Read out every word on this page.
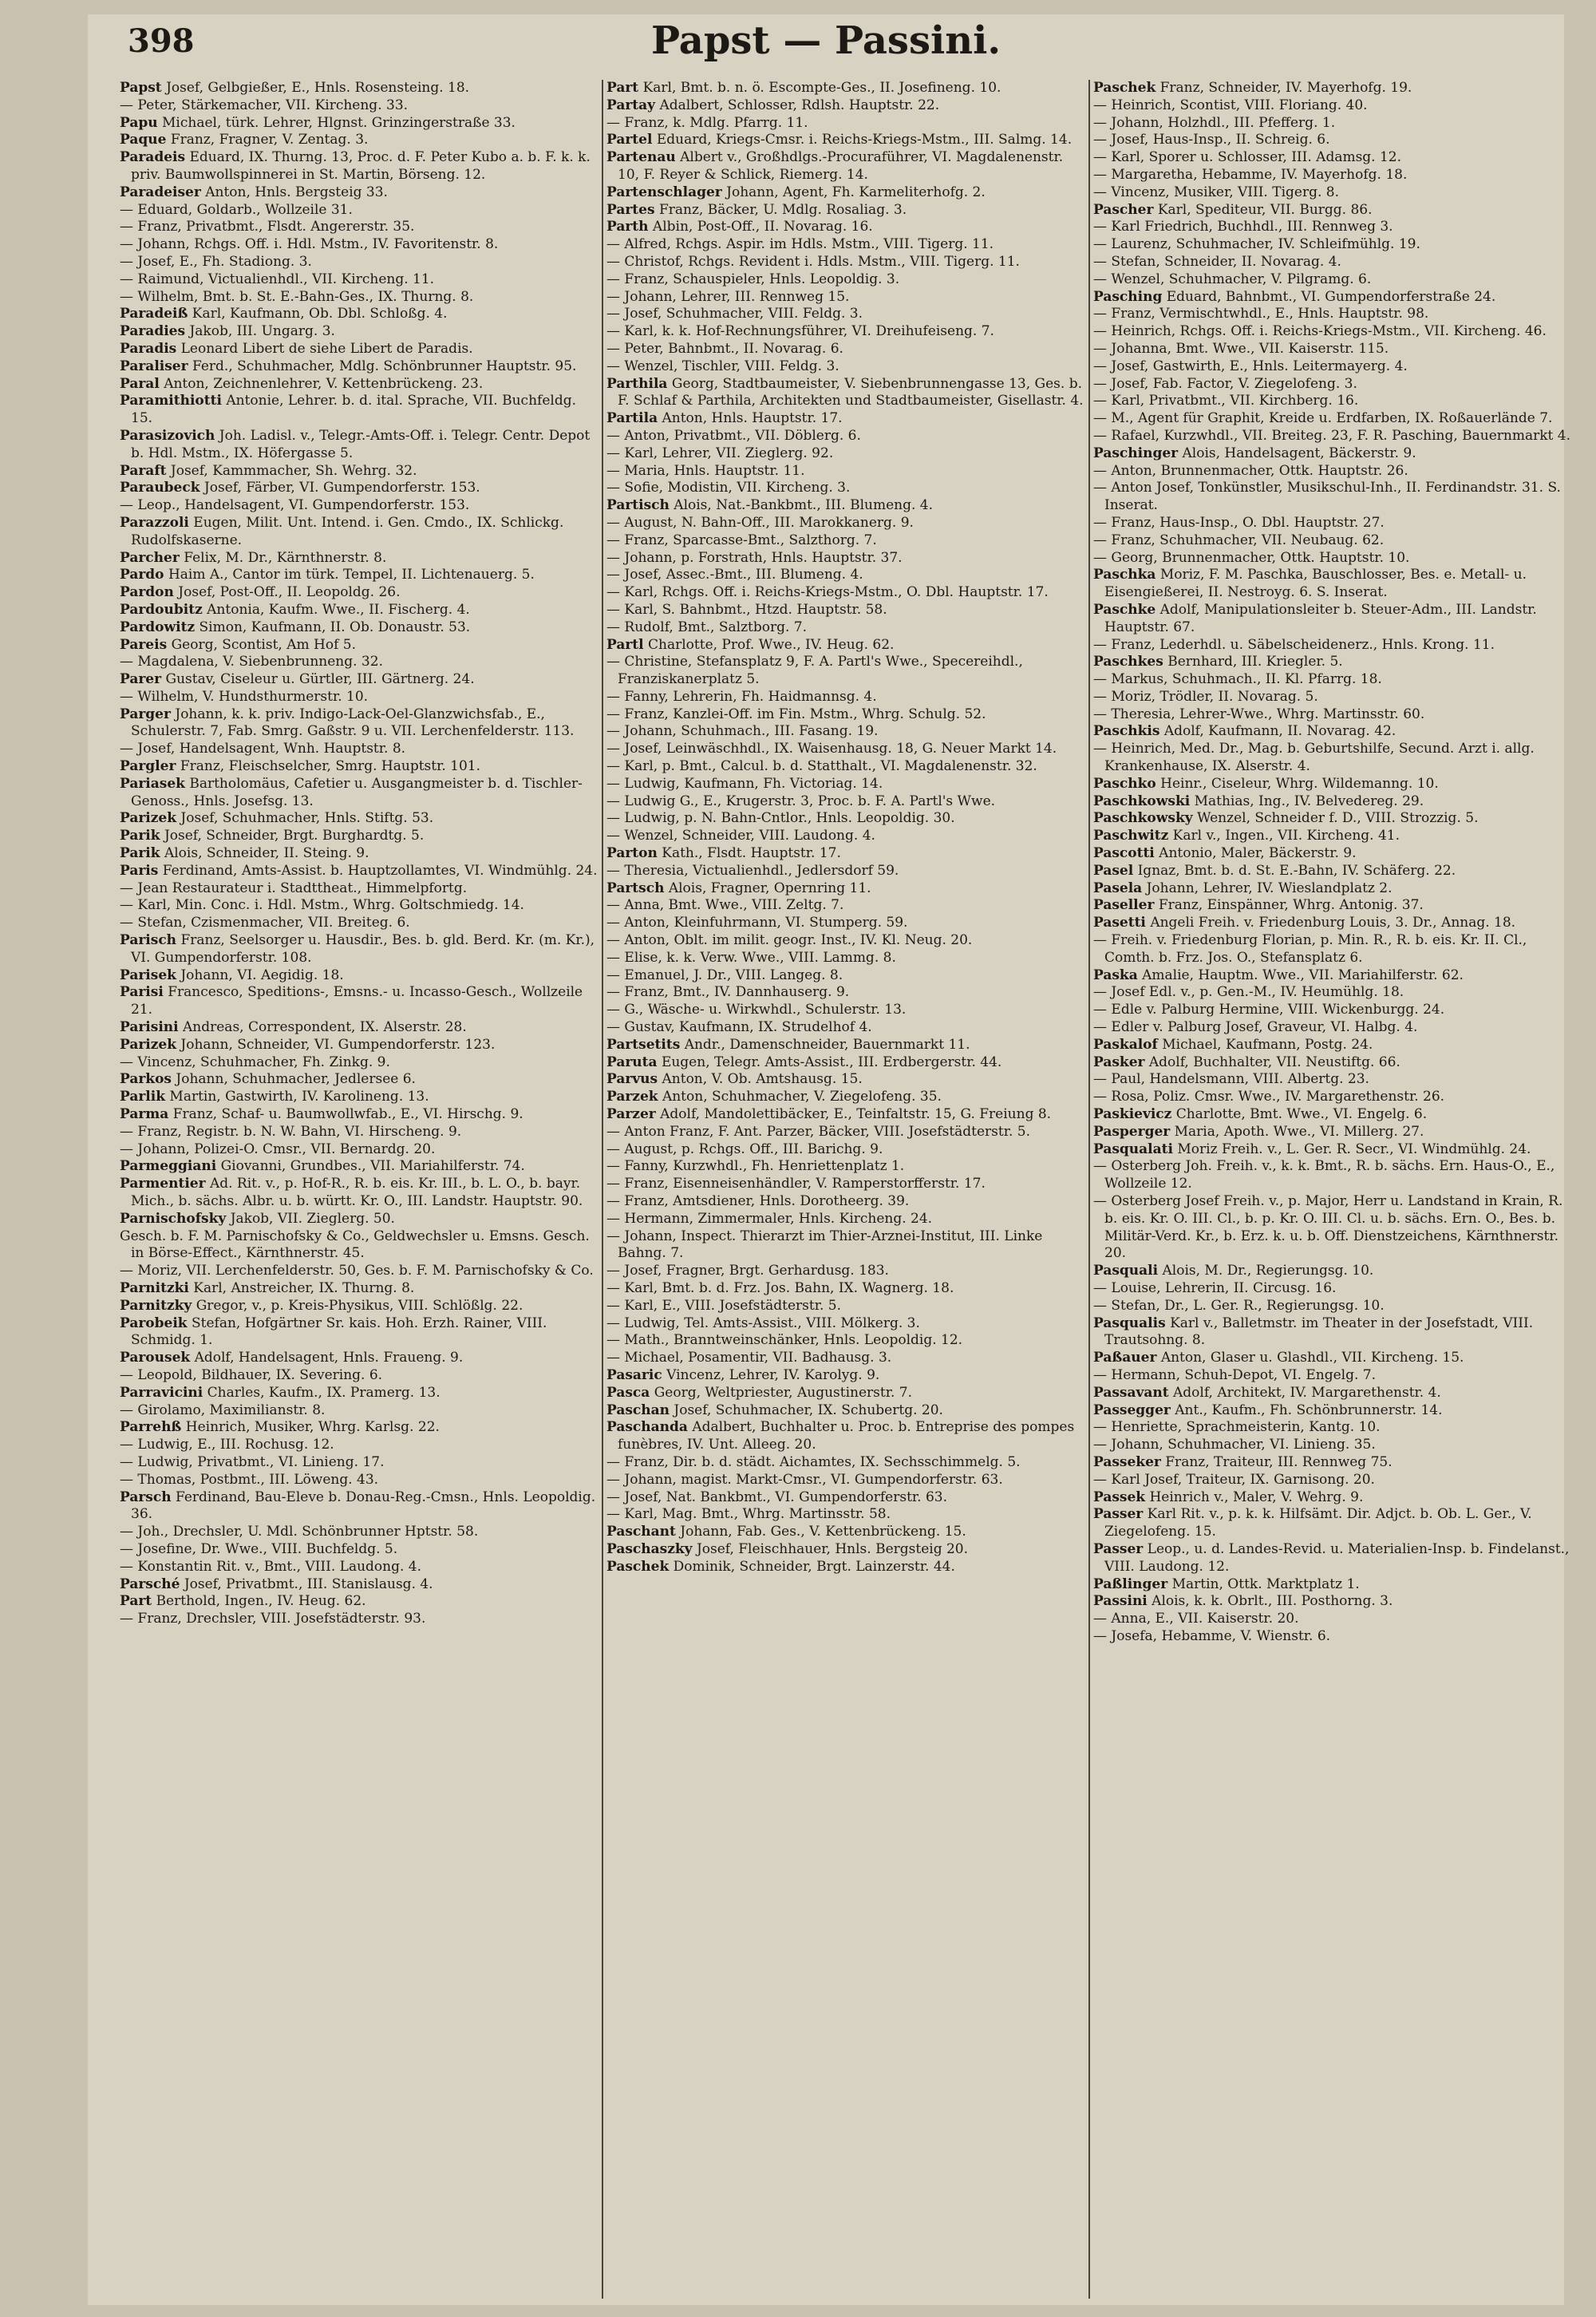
398	Papst — Passini.

Papst Josef, Gelbgießer, E., Hnls. Rosensteing. 18.

— Peter, Stärkemacher, VII. Kircheng. 33.

Papu Michael, türk. Lehrer, Hlgnst. Grinzingerstraße 33.

Paque Franz, Fragner, V. Zentag. 3.

Paradeis Eduard, IX. Thurng. 13, Proc. d. F. Peter Kubo a. b. F. k. k. priv. Baumwollspinnerei in St. Martin, Börseng. 12.

Paradeiser Anton, Hnls. Bergsteig 33.

— Eduard, Goldarb., Wollzeile 31.

— Franz, Privatbmt., Flsdt. Angererstr. 35.

— Johann, Rchgs. Off. i. Hdl. Mstm., IV. Favoritenstr. 8.

— Josef, E., Fh. Stadiong. 3.

— Raimund, Victualienhdl., VII. Kircheng. 11.

— Wilhelm, Bmt. b. St. E.-Bahn-Ges., IX. Thurng. 8.

Paradeiß Karl, Kaufmann, Ob. Dbl. Schloßg. 4.

Paradies Jakob, III. Ungarg. 3.

Paradis Leonard Libert de siehe Libert de Paradis.

Paraliser Ferd., Schuhmacher, Mdlg. Schönbrunner Hauptstr. 95.

Paral Anton, Zeichnenlehrer, V. Kettenbrückeng. 23.

Paramithiotti Antonie, Lehrer. b. d. ital. Sprache, VII. Buchfeldg. 15.

Parasizovich Joh. Ladisl. v., Telegr.-Amts-Off. i. Telegr. Centr. Depot b. Hdl. Mstm., IX. Höfergasse 5.

Paraft Josef, Kammmacher, Sh. Wehrg. 32.

Paraubeck Josef, Färber, VI. Gumpendorferstr. 153.

— Leop., Handelsagent, VI. Gumpendorferstr. 153.

Parazzoli Eugen, Milit. Unt. Intend. i. Gen. Cmdo., IX. Schlickg. Rudolfskaserne.

Parcher Felix, M. Dr., Kärnthnerstr. 8.

Pardo Haim A., Cantor im türk. Tempel, II. Lichtenauerg. 5.

Pardon Josef, Post-Off., II. Leopoldg. 26.

Pardoubitz Antonia, Kaufm. Wwe., II. Fischerg. 4.

Pardowitz Simon, Kaufmann, II. Ob. Donaustr. 53.

Pareis Georg, Scontist, Am Hof 5.

— Magdalena, V. Siebenbrunneng. 32.

Parer Gustav, Ciseleur u. Gürtler, III. Gärtnerg. 24.

— Wilhelm, V. Hundsthurmerstr. 10.

Parger Johann, k. k. priv. Indigo-Lack-Oel-Glanzwichsfab., E., Schulerstr. 7, Fab. Smrg. Gaßstr. 9 u. VII. Lerchenfelderstr. 113.

— Josef, Handelsagent, Wnh. Hauptstr. 8.

Pargler Franz, Fleischselcher, Smrg. Hauptstr. 101.

Pariasek Bartholomäus, Cafetier u. Ausgangmeister b. d. Tischler-Genoss., Hnls. Josefsg. 13.

Parizek Josef, Schuhmacher, Hnls. Stiftg. 53.

Parik Josef, Schneider, Brgt. Burghardtg. 5.

Parik Alois, Schneider, II. Steing. 9.

Paris Ferdinand, Amts-Assist. b. Hauptzollamtes, VI. Windmühlg. 24.

— Jean Restaurateur i. Stadttheat., Himmelpfortg.

— Karl, Min. Conc. i. Hdl. Mstm., Whrg. Goltschmiedg. 14.

— Stefan, Czismenmacher, VII. Breiteg. 6.

Parisch Franz, Seelsorger u. Hausdir., Bes. b. gld. Berd. Kr. (m. Kr.), VI. Gumpendorferstr. 108.

Parisek Johann, VI. Aegidig. 18.

Parisi Francesco, Speditions-, Emsns.- u. Incasso-Gesch., Wollzeile 21.

Parisini Andreas, Correspondent, IX. Alserstr. 28.

Parizek Johann, Schneider, VI. Gumpendorferstr. 123.

— Vincenz, Schuhmacher, Fh. Zinkg. 9.

Parkos Johann, Schuhmacher, Jedlersee 6.

Parlik Martin, Gastwirth, IV. Karolineng. 13.

Parma Franz, Schaf- u. Baumwollwfab., E., VI. Hirschg. 9.

— Franz, Registr. b. N. W. Bahn, VI. Hirscheng. 9.

— Johann, Polizei-O. Cmsr., VII. Bernardg. 20.

Parmeggiani Giovanni, Grundbes., VII. Mariahilferstr. 74.

Parmentier Ad. Rit. v., p. Hof-R., R. b. eis. Kr. III., b. L. O., b. bayr. Mich., b. sächs. Albr. u. b. württ. Kr. O., III. Landstr. Hauptstr. 90.

Parnischofsky Jakob, VII. Zieglerg. 50.

Gesch. b. F. M. Parnischofsky & Co., Geldwechsler u. Emsns. Gesch. in Börse-Effect., Kärnthnerstr. 45.

— Moriz, VII. Lerchenfelderstr. 50, Ges. b. F. M. Parnischofsky & Co.

Parnitzki Karl, Anstreicher, IX. Thurng. 8.

Parnitzky Gregor, v., p. Kreis-Physikus, VIII. Schlößlg. 22.

Parobeik Stefan, Hofgärtner Sr. kais. Hoh. Erzh. Rainer, VIII. Schmidg. 1.

Parousek Adolf, Handelsagent, Hnls. Fraueng. 9.

— Leopold, Bildhauer, IX. Severing. 6.

Parravicini Charles, Kaufm., IX. Pramerg. 13.

— Girolamo, Maximilianstr. 8.

Parrehß Heinrich, Musiker, Whrg. Karlsg. 22.

— Ludwig, E., III. Rochusg. 12.

— Ludwig, Privatbmt., VI. Linieng. 17.

— Thomas, Postbmt., III. Löweng. 43.

Parsch Ferdinand, Bau-Eleve b. Donau-Reg.-Cmsn., Hnls. Leopoldig. 36.

— Joh., Drechsler, U. Mdl. Schönbrunner Hptstr. 58.

— Josefine, Dr. Wwe., VIII. Buchfeldg. 5.

— Konstantin Rit. v., Bmt., VIII. Laudong. 4.

Parsché Josef, Privatbmt., III. Stanislausg. 4.

Part Berthold, Ingen., IV. Heug. 62.

— Franz, Drechsler, VIII. Josefstädterstr. 93.

Part Karl, Bmt. b. n. ö. Escompte-Ges., II. Josefineng. 10.

Partay Adalbert, Schlosser, Rdlsh. Hauptstr. 22.

— Franz, k. Mdlg. Pfarrg. 11.

Partel Eduard, Kriegs-Cmsr. i. Reichs-Kriegs-Mstm., III. Salmg. 14.

Partenau Albert v., Großhdlgs.-Procuraführer, VI. Magdalenenstr. 10, F. Reyer & Schlick, Riemerg. 14.

Partenschlager Johann, Agent, Fh. Karmeliterhofg. 2.

Partes Franz, Bäcker, U. Mdlg. Rosaliag. 3.

Parth Albin, Post-Off., II. Novarag. 16.

— Alfred, Rchgs. Aspir. im Hdls. Mstm., VIII. Tigerg. 11.

— Christof, Rchgs. Revident i. Hdls. Mstm., VIII. Tigerg. 11.

— Franz, Schauspieler, Hnls. Leopoldig. 3.

— Johann, Lehrer, III. Rennweg 15.

— Josef, Schuhmacher, VIII. Feldg. 3.

— Karl, k. k. Hof-Rechnungsführer, VI. Dreihufeiseng. 7.

— Peter, Bahnbmt., II. Novarag. 6.

— Wenzel, Tischler, VIII. Feldg. 3.

Parthila Georg, Stadtbaumeister, V. Siebenbrunnengasse 13, Ges. b. F. Schlaf & Parthila, Architekten und Stadtbaumeister, Gisellastr. 4.

Partila Anton, Hnls. Hauptstr. 17.

— Anton, Privatbmt., VII. Döblerg. 6.

— Karl, Lehrer, VII. Zieglerg. 92.

— Maria, Hnls. Hauptstr. 11.

— Sofie, Modistin, VII. Kircheng. 3.

Partisch Alois, Nat.-Bankbmt., III. Blumeng. 4.

— August, N. Bahn-Off., III. Marokkanerg. 9.

— Franz, Sparcasse-Bmt., Salzthorg. 7.

— Johann, p. Forstrath, Hnls. Hauptstr. 37.

— Josef, Assec.-Bmt., III. Blumeng. 4.

— Karl, Rchgs. Off. i. Reichs-Kriegs-Mstm., O. Dbl. Hauptstr. 17.

— Karl, S. Bahnbmt., Htzd. Hauptstr. 58.

— Rudolf, Bmt., Salztborg. 7.

Partl Charlotte, Prof. Wwe., IV. Heug. 62.

— Christine, Stefansplatz 9, F. A. Partl's Wwe., Specereihdl., Franziskanerplatz 5.

— Fanny, Lehrerin, Fh. Haidmannsg. 4.

— Franz, Kanzlei-Off. im Fin. Mstm., Whrg. Schulg. 52.

— Johann, Schuhmach., III. Fasang. 19.

— Josef, Leinwäschhdl., IX. Waisenhausg. 18, G. Neuer Markt 14.

— Karl, p. Bmt., Calcul. b. d. Statthalt., VI. Magdalenenstr. 32.

— Ludwig, Kaufmann, Fh. Victoriag. 14.

— Ludwig G., E., Krugerstr. 3, Proc. b. F. A. Partl's Wwe.

— Ludwig, p. N. Bahn-Cntlor., Hnls. Leopoldig. 30.

— Wenzel, Schneider, VIII. Laudong. 4.

Parton Kath., Flsdt. Hauptstr. 17.

— Theresia, Victualienhdl., Jedlersdorf 59.

Partsch Alois, Fragner, Opernring 11.

— Anna, Bmt. Wwe., VIII. Zeltg. 7.

— Anton, Kleinfuhrmann, VI. Stumperg. 59.

— Anton, Oblt. im milit. geogr. Inst., IV. Kl. Neug. 20.

— Elise, k. k. Verw. Wwe., VIII. Lammg. 8.

— Emanuel, J. Dr., VIII. Langeg. 8.

— Franz, Bmt., IV. Dannhauserg. 9.

— G., Wäsche- u. Wirkwhdl., Schulerstr. 13.

— Gustav, Kaufmann, IX. Strudelhof 4.

Partsetits Andr., Damenschneider, Bauernmarkt 11.

Paruta Eugen, Telegr. Amts-Assist., III. Erdbergerstr. 44.

Parvus Anton, V. Ob. Amtshausg. 15.

Parzek Anton, Schuhmacher, V. Ziegelofeng. 35.

Parzer Adolf, Mandolettibäcker, E., Teinfaltstr. 15, G. Freiung 8.

— Anton Franz, F. Ant. Parzer, Bäcker, VIII. Josefstädterstr. 5.

— August, p. Rchgs. Off., III. Barichg. 9.

— Fanny, Kurzwhdl., Fh. Henriettenplatz 1.

— Franz, Eisenneisenhändler, V. Ramperstorfferstr. 17.

— Franz, Amtsdiener, Hnls. Dorotheerg. 39.

— Hermann, Zimmermaler, Hnls. Kircheng. 24.

— Johann, Inspect. Thierarzt im Thier-Arznei-Institut, III. Linke Bahng. 7.

— Josef, Fragner, Brgt. Gerhardusg. 183.

— Karl, Bmt. b. d. Frz. Jos. Bahn, IX. Wagnerg. 18.

— Karl, E., VIII. Josefstädterstr. 5.

— Ludwig, Tel. Amts-Assist., VIII. Mölkerg. 3.

— Math., Branntweinschänker, Hnls. Leopoldig. 12.

— Michael, Posamentir, VII. Badhausg. 3.

Pasaric Vincenz, Lehrer, IV. Karolyg. 9.

Pasca Georg, Weltpriester, Augustinerstr. 7.

Paschan Josef, Schuhmacher, IX. Schubertg. 20.

Paschanda Adalbert, Buchhalter u. Proc. b. Entreprise des pompes funèbres, IV. Unt. Alleeg. 20.

— Franz, Dir. b. d. städt. Aichamtes, IX. Sechsschimmelg. 5.

— Johann, magist. Markt-Cmsr., VI. Gumpendorferstr. 63.

— Josef, Nat. Bankbmt., VI. Gumpendorferstr. 63.

— Karl, Mag. Bmt., Whrg. Martinsstr. 58.

Paschant Johann, Fab. Ges., V. Kettenbrückeng. 15.

Paschaszky Josef, Fleischhauer, Hnls. Bergsteig 20.

Paschek Dominik, Schneider, Brgt. Lainzerstr. 44.

Paschek Franz, Schneider, IV. Mayerhofg. 19.

— Heinrich, Scontist, VIII. Floriang. 40.

— Johann, Holzhdl., III. Pfefferg. 1.

— Josef, Haus-Insp., II. Schreig. 6.

— Karl, Sporer u. Schlosser, III. Adamsg. 12.

— Margaretha, Hebamme, IV. Mayerhofg. 18.

— Vincenz, Musiker, VIII. Tigerg. 8.

Pascher Karl, Spediteur, VII. Burgg. 86.

— Karl Friedrich, Buchhdl., III. Rennweg 3.

— Laurenz, Schuhmacher, IV. Schleifmühlg. 19.

— Stefan, Schneider, II. Novarag. 4.

— Wenzel, Schuhmacher, V. Pilgramg. 6.

Pasching Eduard, Bahnbmt., VI. Gumpendorferstraße 24.

— Franz, Vermischtwhdl., E., Hnls. Hauptstr. 98.

— Heinrich, Rchgs. Off. i. Reichs-Kriegs-Mstm., VII. Kircheng. 46.

— Johanna, Bmt. Wwe., VII. Kaiserstr. 115.

— Josef, Gastwirth, E., Hnls. Leitermayerg. 4.

— Josef, Fab. Factor, V. Ziegelofeng. 3.

— Karl, Privatbmt., VII. Kirchberg. 16.

— M., Agent für Graphit, Kreide u. Erdfarben, IX. Roßauerlände 7.

— Rafael, Kurzwhdl., VII. Breiteg. 23, F. R. Pasching, Bauernmarkt 4.

Paschinger Alois, Handelsagent, Bäckerstr. 9.

— Anton, Brunnenmacher, Ottk. Hauptstr. 26.

— Anton Josef, Tonkünstler, Musikschul-Inh., II. Ferdinandstr. 31. S. Inserat.

— Franz, Haus-Insp., O. Dbl. Hauptstr. 27.

— Franz, Schuhmacher, VII. Neubaug. 62.

— Georg, Brunnenmacher, Ottk. Hauptstr. 10.

Paschka Moriz, F. M. Paschka, Bauschlosser, Bes. e. Metall- u. Eisengießerei, II. Nestroyg. 6. S. Inserat.

Paschke Adolf, Manipulationsleiter b. Steuer-Adm., III. Landstr. Hauptstr. 67.

— Franz, Lederhdl. u. Säbelscheidenerz., Hnls. Krong. 11.

Paschkes Bernhard, III. Kriegler. 5.

— Markus, Schuhmach., II. Kl. Pfarrg. 18.

— Moriz, Trödler, II. Novarag. 5.

— Theresia, Lehrer-Wwe., Whrg. Martinsstr. 60.

Paschkis Adolf, Kaufmann, II. Novarag. 42.

— Heinrich, Med. Dr., Mag. b. Geburtshilfe, Secund. Arzt i. allg. Krankenhause, IX. Alserstr. 4.

Paschko Heinr., Ciseleur, Whrg. Wildemanng. 10.

Paschkowski Mathias, Ing., IV. Belvedereg. 29.

Paschkowsky Wenzel, Schneider f. D., VIII. Strozzig. 5.

Paschwitz Karl v., Ingen., VII. Kircheng. 41.

Pascotti Antonio, Maler, Bäckerstr. 9.

Pasel Ignaz, Bmt. b. d. St. E.-Bahn, IV. Schäferg. 22.

Pasela Johann, Lehrer, IV. Wieslandplatz 2.

Paseller Franz, Einspänner, Whrg. Antonig. 37.

Pasetti Angeli Freih. v. Friedenburg Louis, 3. Dr., Annag. 18.

— Freih. v. Friedenburg Florian, p. Min. R., R. b. eis. Kr. II. Cl., Comth. b. Frz. Jos. O., Stefansplatz 6.

Paska Amalie, Hauptm. Wwe., VII. Mariahilferstr. 62.

— Josef Edl. v., p. Gen.-M., IV. Heumühlg. 18.

— Edle v. Palburg Hermine, VIII. Wickenburgg. 24.

— Edler v. Palburg Josef, Graveur, VI. Halbg. 4.

Paskalof Michael, Kaufmann, Postg. 24.

Pasker Adolf, Buchhalter, VII. Neustiftg. 66.

— Paul, Handelsmann, VIII. Albertg. 23.

— Rosa, Poliz. Cmsr. Wwe., IV. Margarethenstr. 26.

Paskievicz Charlotte, Bmt. Wwe., VI. Engelg. 6.

Pasperger Maria, Apoth. Wwe., VI. Millerg. 27.

Pasqualati Moriz Freih. v., L. Ger. R. Secr., VI. Windmühlg. 24.

— Osterberg Joh. Freih. v., k. k. Bmt., R. b. sächs. Ern. Haus-O., E., Wollzeile 12.

— Osterberg Josef Freih. v., p. Major, Herr u. Landstand in Krain, R. b. eis. Kr. O. III. Cl., b. p. Kr. O. III. Cl. u. b. sächs. Ern. O., Bes. b. Militär-Verd. Kr., b. Erz. k. u. b. Off. Dienstzeichens, Kärnthnerstr. 20.

Pasquali Alois, M. Dr., Regierungsg. 10.

— Louise, Lehrerin, II. Circusg. 16.

— Stefan, Dr., L. Ger. R., Regierungsg. 10.

Pasqualis Karl v., Balletmstr. im Theater in der Josefstadt, VIII. Trautsohng. 8.

Paßauer Anton, Glaser u. Glashdl., VII. Kircheng. 15.

— Hermann, Schuh-Depot, VI. Engelg. 7.

Passavant Adolf, Architekt, IV. Margarethenstr. 4.

Passegger Ant., Kaufm., Fh. Schönbrunnerstr. 14.

— Henriette, Sprachmeisterin, Kantg. 10.

— Johann, Schuhmacher, VI. Linieng. 35.

Passeker Franz, Traiteur, III. Rennweg 75.

— Karl Josef, Traiteur, IX. Garnisong. 20.

Passek Heinrich v., Maler, V. Wehrg. 9.

Passer Karl Rit. v., p. k. k. Hilfsämt. Dir. Adjct. b. Ob. L. Ger., V. Ziegelofeng. 15.

Passer Leop., u. d. Landes-Revid. u. Materialien-Insp. b. Findelanst., VIII. Laudong. 12.

Paßlinger Martin, Ottk. Marktplatz 1.

Passini Alois, k. k. Obrlt., III. Posthorng. 3.

— Anna, E., VII. Kaiserstr. 20.

— Josefa, Hebamme, V. Wienstr. 6.
